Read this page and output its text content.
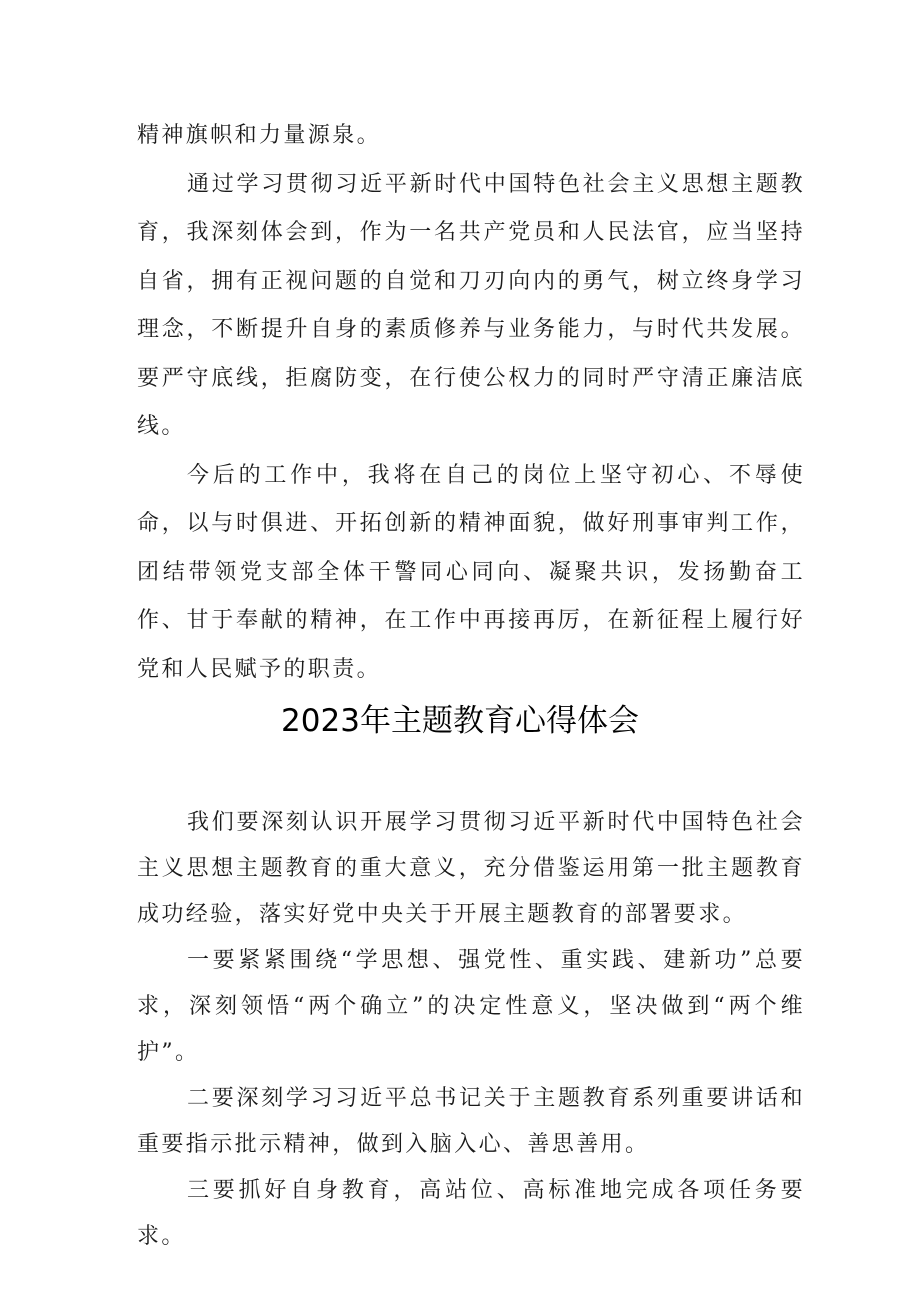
精神旗帜和力量源泉。

通过学习贯彻习近平新时代中国特色社会主义思想主题教育，我深刻体会到，作为一名共产党员和人民法官，应当坚持自省，拥有正视问题的自觉和刀刃向内的勇气，树立终身学习理念，不断提升自身的素质修养与业务能力，与时代共发展。要严守底线，拒腐防变，在行使公权力的同时严守清正廉洁底线。

今后的工作中，我将在自己的岗位上坚守初心、不辱使命，以与时俱进、开拓创新的精神面貌，做好刑事审判工作，团结带领党支部全体干警同心同向、凝聚共识，发扬勤奋工作、甘于奉献的精神，在工作中再接再厉，在新征程上履行好党和人民赋予的职责。

2023年主题教育心得体会

我们要深刻认识开展学习贯彻习近平新时代中国特色社会主义思想主题教育的重大意义，充分借鉴运用第一批主题教育成功经验，落实好党中央关于开展主题教育的部署要求。

一要紧紧围绕“学思想、强党性、重实践、建新功”总要求，深刻领悟“两个确立”的决定性意义，坚决做到“两个维护”。

二要深刻学习习近平总书记关于主题教育系列重要讲话和重要指示批示精神，做到入脑入心、善思善用。

三要抓好自身教育，高站位、高标准地完成各项任务要求。
